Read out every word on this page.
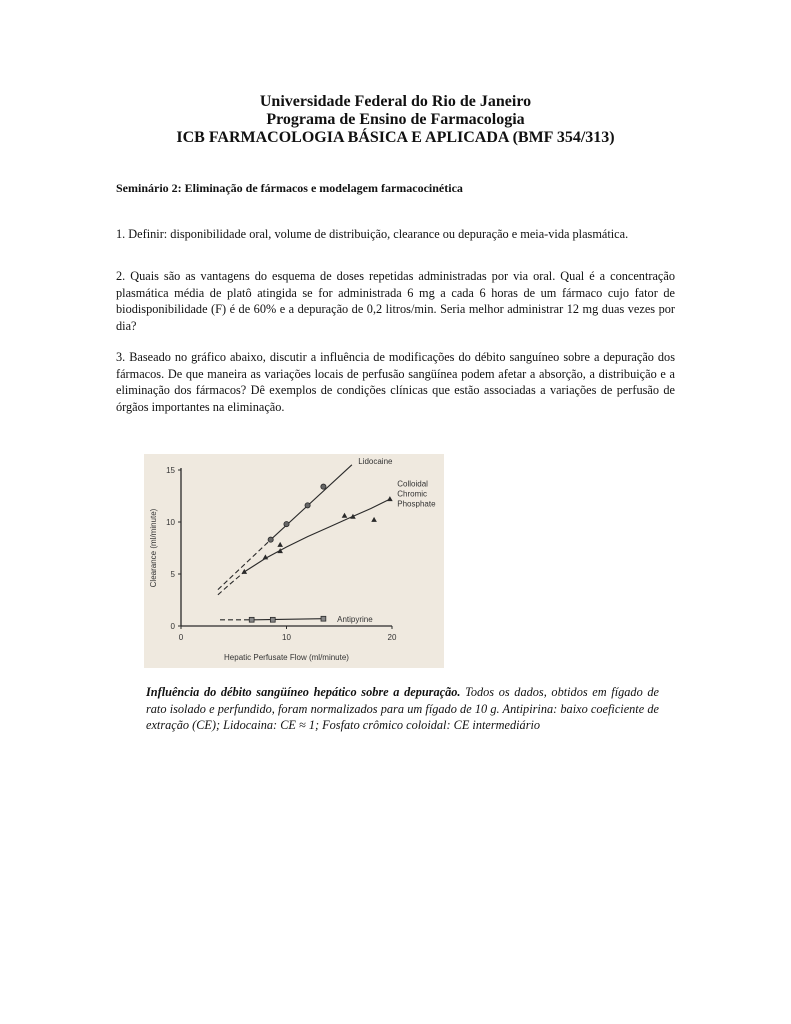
Universidade Federal do Rio de Janeiro
Programa de Ensino de Farmacologia
ICB FARMACOLOGIA BÁSICA E APLICADA (BMF 354/313)
Seminário 2: Eliminação de fármacos e modelagem farmacocinética
1. Definir: disponibilidade oral, volume de distribuição, clearance ou depuração e meia-vida plasmática.
2. Quais são as vantagens do esquema de doses repetidas administradas por via oral. Qual é a concentração plasmática média de platô atingida se for administrada 6 mg a cada 6 horas de um fármaco cujo fator de biodisponibilidade (F) é de 60% e a depuração de 0,2 litros/min. Seria melhor administrar 12 mg duas vezes por dia?
3. Baseado no gráfico abaixo, discutir a influência de modificações do débito sanguíneo sobre a depuração dos fármacos. De que maneira as variações locais de perfusão sangüínea podem afetar a absorção, a distribuição e a eliminação dos fármacos? Dê exemplos de condições clínicas que estão associadas a variações de perfusão de órgãos importantes na eliminação.
0
5
10
15
0	10	20
Hepatic Perfusate Flow (ml/minute)
Clearance (ml/minute)
Lidocaine
Colloidal
Chromic
Phosphate
Antipyrine
Influência do débito sangüíneo hepático sobre a depuração. Todos os dados, obtidos em fígado de rato isolado e perfundido, foram normalizados para um fígado de 10 g. Antipirina: baixo coeficiente de extração (CE); Lidocaina: CE ≈ 1; Fosfato crômico coloidal: CE intermediário
